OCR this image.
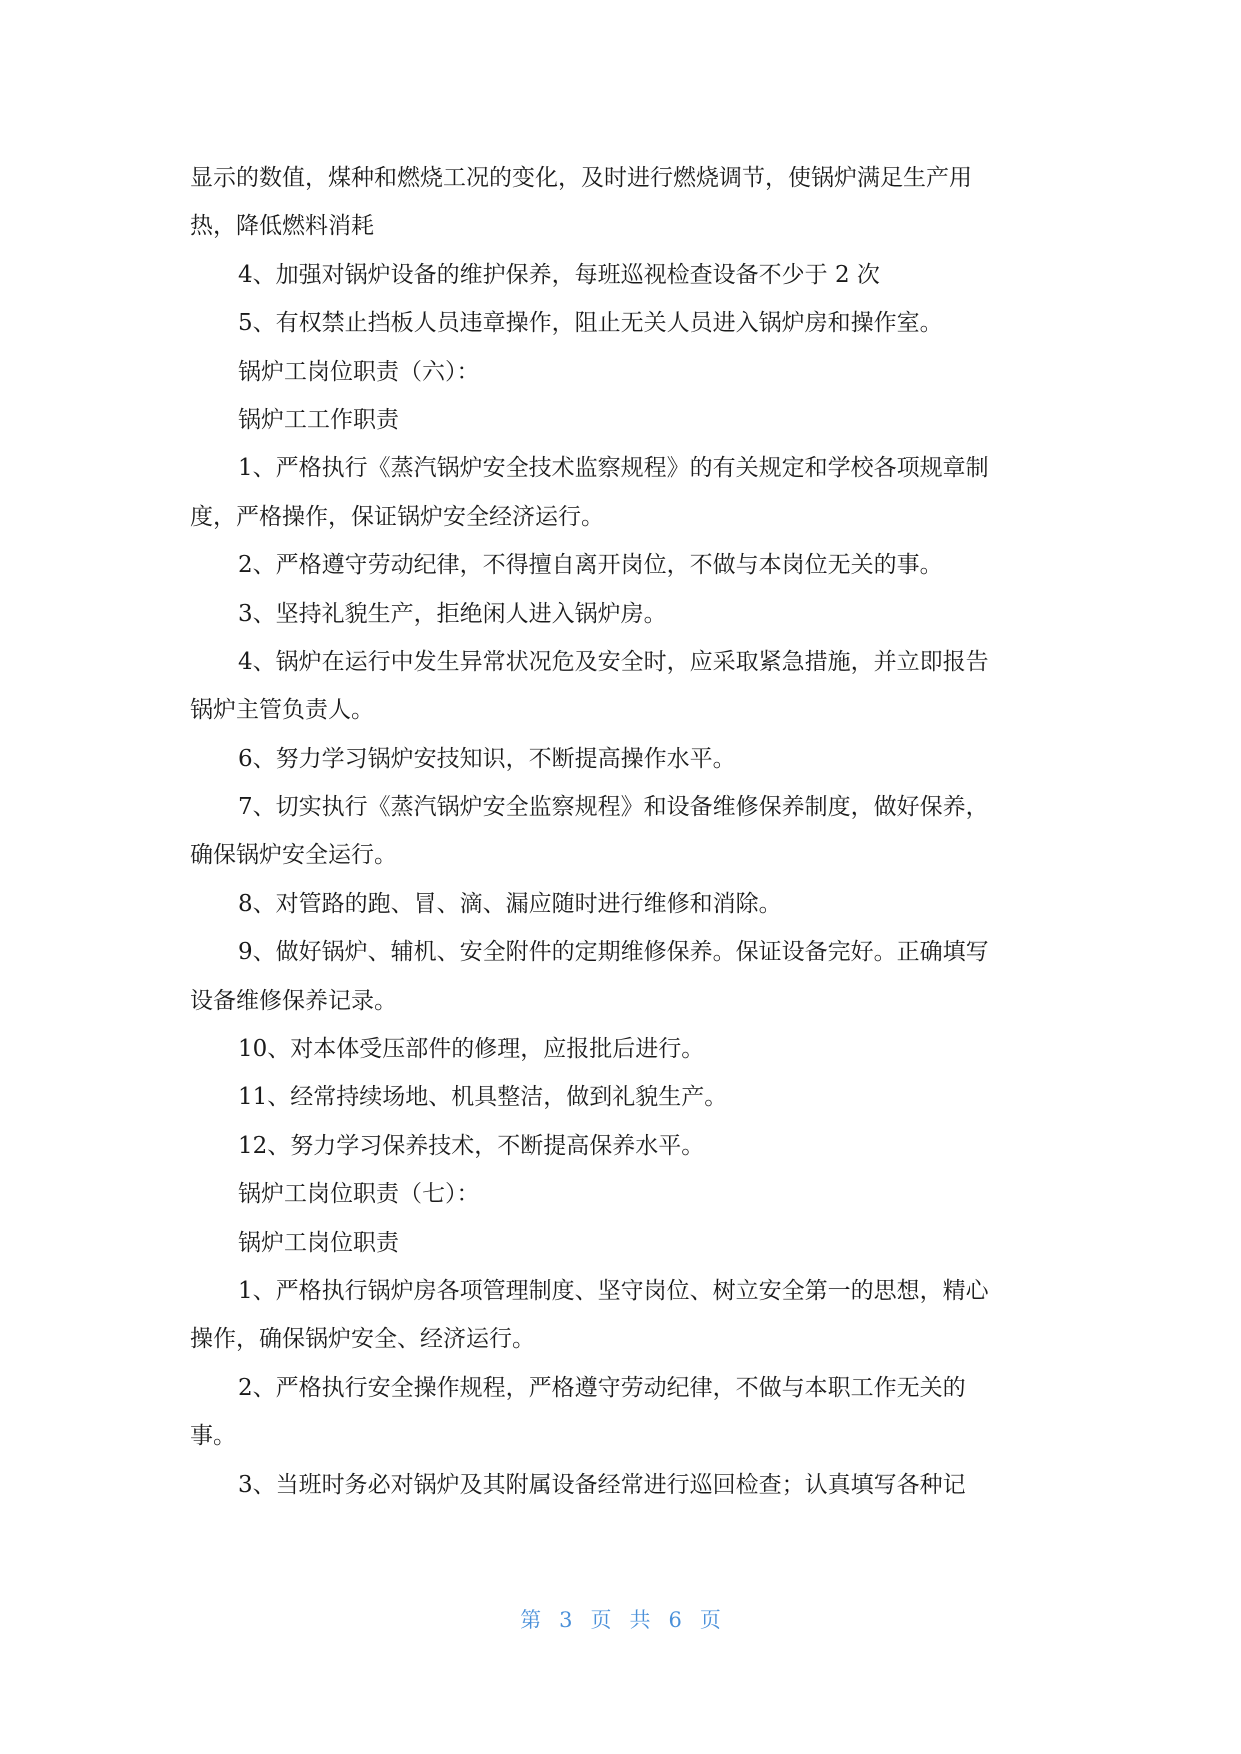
显示的数值，煤种和燃烧工况的变化，及时进行燃烧调节，使锅炉满足生产用
热，降低燃料消耗
4、加强对锅炉设备的维护保养，每班巡视检查设备不少于 2 次
5、有权禁止挡板人员违章操作，阻止无关人员进入锅炉房和操作室。
锅炉工岗位职责（六）：
锅炉工工作职责
1、严格执行《蒸汽锅炉安全技术监察规程》的有关规定和学校各项规章制
度，严格操作，保证锅炉安全经济运行。
2、严格遵守劳动纪律，不得擅自离开岗位，不做与本岗位无关的事。
3、坚持礼貌生产，拒绝闲人进入锅炉房。
4、锅炉在运行中发生异常状况危及安全时，应采取紧急措施，并立即报告
锅炉主管负责人。
6、努力学习锅炉安技知识，不断提高操作水平。
7、切实执行《蒸汽锅炉安全监察规程》和设备维修保养制度，做好保养，
确保锅炉安全运行。
8、对管路的跑、冒、滴、漏应随时进行维修和消除。
9、做好锅炉、辅机、安全附件的定期维修保养。保证设备完好。正确填写
设备维修保养记录。
10、对本体受压部件的修理，应报批后进行。
11、经常持续场地、机具整洁，做到礼貌生产。
12、努力学习保养技术，不断提高保养水平。
锅炉工岗位职责（七）：
锅炉工岗位职责
1、严格执行锅炉房各项管理制度、坚守岗位、树立安全第一的思想，精心
操作，确保锅炉安全、经济运行。
2、严格执行安全操作规程，严格遵守劳动纪律，不做与本职工作无关的
事。
3、当班时务必对锅炉及其附属设备经常进行巡回检查；认真填写各种记
第 3 页 共 6 页
